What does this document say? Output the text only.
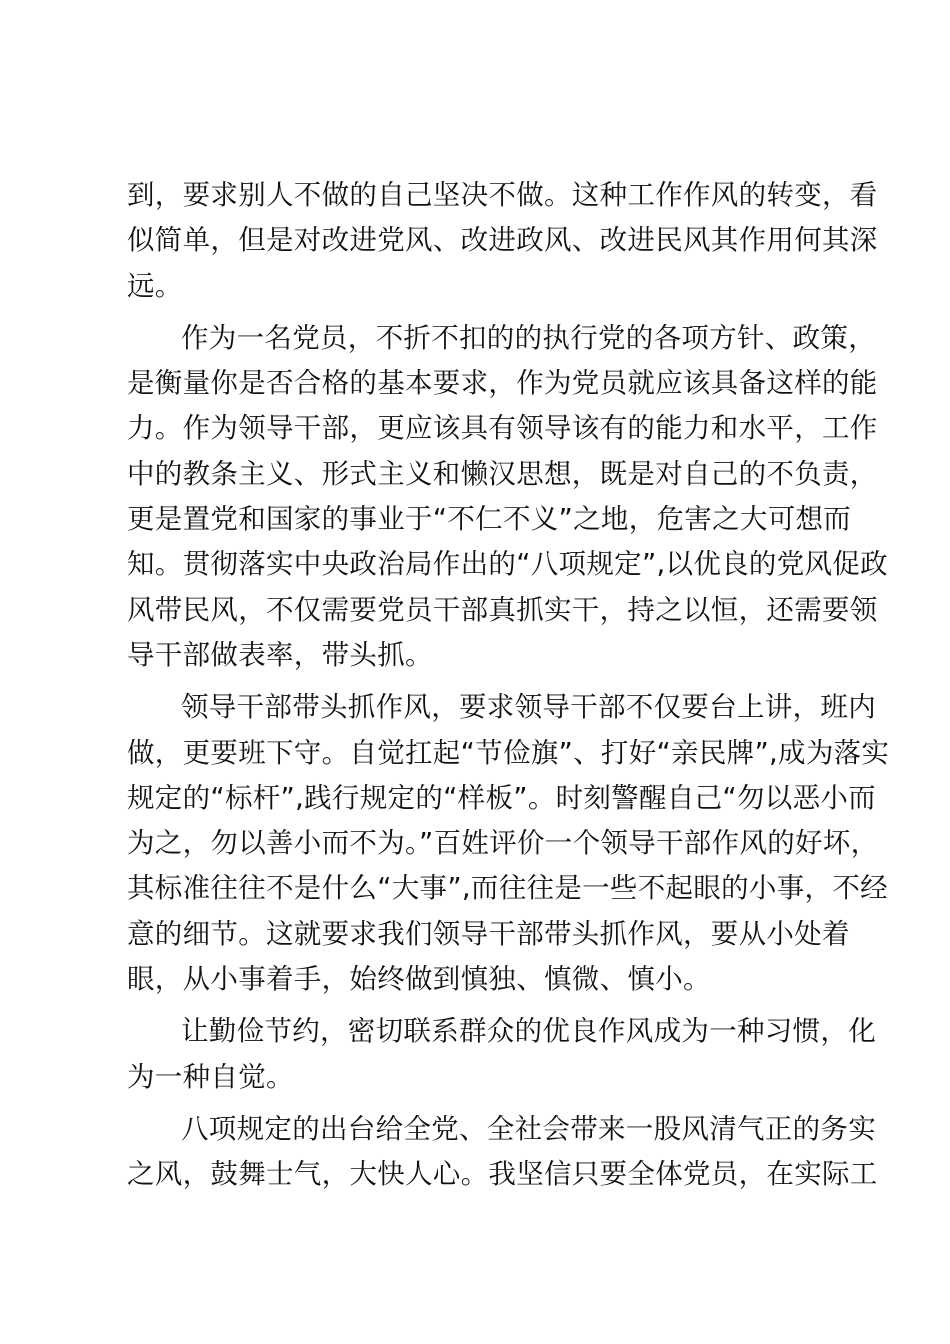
到，要求别人不做的自己坚决不做。这种工作作风的转变，看
似简单，但是对改进党风、改进政风、改进民风其作用何其深
远。

作为一名党员，不折不扣的的执行党的各项方针、政策，
是衡量你是否合格的基本要求，作为党员就应该具备这样的能
力。作为领导干部，更应该具有领导该有的能力和水平，工作
中的教条主义、形式主义和懒汉思想，既是对自己的不负责，
更是置党和国家的事业于“不仁不义”之地，危害之大可想而
知。贯彻落实中央政治局作出的“八项规定”,以优良的党风促政
风带民风，不仅需要党员干部真抓实干，持之以恒，还需要领
导干部做表率，带头抓。

领导干部带头抓作风，要求领导干部不仅要台上讲，班内
做，更要班下守。自觉扛起“节俭旗”、打好“亲民牌”,成为落实
规定的“标杆”,践行规定的“样板”。时刻警醒自己“勿以恶小而
为之，勿以善小而不为。”百姓评价一个领导干部作风的好坏，
其标准往往不是什么“大事”,而往往是一些不起眼的小事，不经
意的细节。这就要求我们领导干部带头抓作风，要从小处着
眼，从小事着手，始终做到慎独、慎微、慎小。

让勤俭节约，密切联系群众的优良作风成为一种习惯，化
为一种自觉。

八项规定的出台给全党、全社会带来一股风清气正的务实
之风，鼓舞士气，大快人心。我坚信只要全体党员，在实际工
